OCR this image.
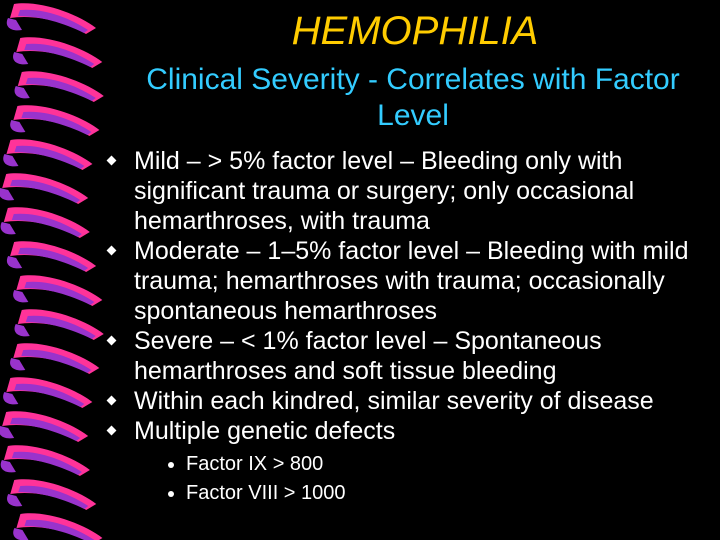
HEMOPHILIA
Clinical Severity - Correlates with Factor Level
Mild – > 5% factor level – Bleeding only with significant trauma or surgery; only occasional hemarthroses, with trauma
Moderate – 1–5% factor level – Bleeding with mild trauma; hemarthroses with trauma; occasionally spontaneous hemarthroses
Severe – < 1% factor level – Spontaneous hemarthroses and soft tissue bleeding
Within each kindred, similar severity of disease
Multiple genetic defects
Factor IX > 800
Factor VIII > 1000
